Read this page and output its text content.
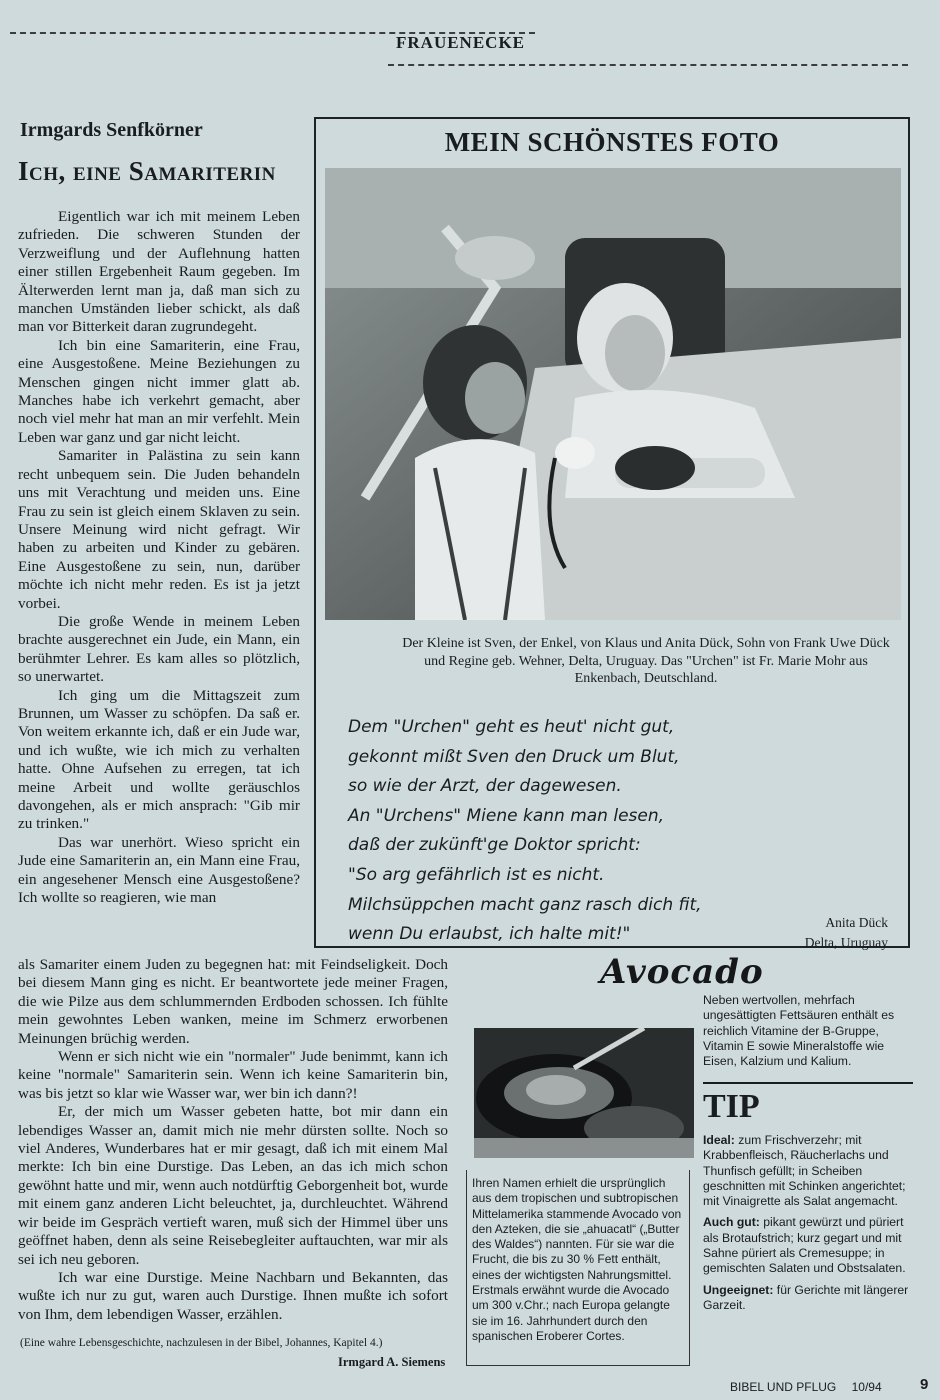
FRAUENECKE
Irmgards Senfkörner
Ich, eine Samariterin

Eigentlich war ich mit meinem Leben zufrieden. Die schweren Stunden der Verzweiflung und der Auflehnung hatten einer stillen Ergebenheit Raum gegeben. Im Älterwerden lernt man ja, daß man sich zu manchen Umständen lieber schickt, als daß man vor Bitterkeit daran zugrundegeht.

Ich bin eine Samariterin, eine Frau, eine Ausgestoßene. Meine Beziehungen zu Menschen gingen nicht immer glatt ab. Manches habe ich verkehrt gemacht, aber noch viel mehr hat man an mir verfehlt. Mein Leben war ganz und gar nicht leicht.

Samariter in Palästina zu sein kann recht unbequem sein. Die Juden behandeln uns mit Verachtung und meiden uns. Eine Frau zu sein ist gleich einem Sklaven zu sein. Unsere Meinung wird nicht gefragt. Wir haben zu arbeiten und Kinder zu gebären. Eine Ausgestoßene zu sein, nun, darüber möchte ich nicht mehr reden. Es ist ja jetzt vorbei.

Die große Wende in meinem Leben brachte ausgerechnet ein Jude, ein Mann, ein berühmter Lehrer. Es kam alles so plötzlich, so unerwartet.

Ich ging um die Mittagszeit zum Brunnen, um Wasser zu schöpfen. Da saß er. Von weitem erkannte ich, daß er ein Jude war, und ich wußte, wie ich mich zu verhalten hatte. Ohne Aufsehen zu erregen, tat ich meine Arbeit und wollte geräuschlos davongehen, als er mich ansprach: "Gib mir zu trinken."

Das war unerhört. Wieso spricht ein Jude eine Samariterin an, ein Mann eine Frau, ein angesehener Mensch eine Ausgestoßene? Ich wollte so reagieren, wie man

als Samariter einem Juden zu begegnen hat: mit Feindseligkeit. Doch bei diesem Mann ging es nicht. Er beantwortete jede meiner Fragen, die wie Pilze aus dem schlummernden Erdboden schossen. Ich fühlte mein gewohntes Leben wanken, meine im Schmerz erworbenen Meinungen brüchig werden.

Wenn er sich nicht wie ein "normaler" Jude benimmt, kann ich keine "normale" Samariterin sein. Wenn ich keine Samariterin bin, was bis jetzt so klar wie Wasser war, wer bin ich dann?!

Er, der mich um Wasser gebeten hatte, bot mir dann ein lebendiges Wasser an, damit mich nie mehr dürsten sollte. Noch so viel Anderes, Wunderbares hat er mir gesagt, daß ich mit einem Mal merkte: Ich bin eine Durstige. Das Leben, an das ich mich schon gewöhnt hatte und mir, wenn auch notdürftig Geborgenheit bot, wurde mit einem ganz anderen Licht beleuchtet, ja, durchleuchtet. Während wir beide im Gespräch vertieft waren, muß sich der Himmel über uns geöffnet haben, denn als seine Reisebegleiter auftauchten, war mir als sei ich neu geboren.

Ich war eine Durstige. Meine Nachbarn und Bekannten, das wußte ich nur zu gut, waren auch Durstige. Ihnen mußte ich sofort von Ihm, dem lebendigen Wasser, erzählen.

(Eine wahre Lebensgeschichte, nachzulesen in der Bibel, Johannes, Kapitel 4.)
Irmgard A. Siemens
MEIN SCHÖNSTES FOTO
Der Kleine ist Sven, der Enkel, von Klaus und Anita Dück, Sohn von Frank Uwe Dück und Regine geb. Wehner, Delta, Uruguay. Das "Urchen" ist Fr. Marie Mohr aus Enkenbach, Deutschland.
Dem "Urchen" geht es heut' nicht gut,
gekonnt mißt Sven den Druck um Blut,
so wie der Arzt, der dagewesen.
An "Urchens" Miene kann man lesen,
daß der zukünft'ge Doktor spricht:
"So arg gefährlich ist es nicht.
Milchsüppchen macht ganz rasch dich fit,
wenn Du erlaubst, ich halte mit!"
Anita Dück
Delta, Uruguay
Avocado
Neben wertvollen, mehrfach ungesättigten Fettsäuren enthält es reichlich Vitamine der B-Gruppe, Vitamin E sowie Mineralstoffe wie Eisen, Kalzium und Kalium.
Ihren Namen erhielt die ursprünglich aus dem tropischen und subtropischen Mittelamerika stammende Avocado von den Azteken, die sie „ahuacatl“ („Butter des Waldes“) nannten. Für sie war die Frucht, die bis zu 30 % Fett enthält, eines der wichtigsten Nahrungsmittel. Erstmals erwähnt wurde die Avocado um 300 v.Chr.; nach Europa gelangte sie im 16. Jahrhundert durch den spanischen Eroberer Cortes.
TIP

Ideal: zum Frischverzehr; mit Krabbenfleisch, Räucherlachs und Thunfisch gefüllt; in Scheiben geschnitten mit Schinken angerichtet; mit Vinaigrette als Salat angemacht.

Auch gut: pikant gewürzt und püriert als Brotaufstrich; kurz gegart und mit Sahne püriert als Cremesuppe; in gemischten Salaten und Obstsalaten.

Ungeeignet: für Gerichte mit längerer Garzeit.

BIBEL UND PFLUG 10/94	9
